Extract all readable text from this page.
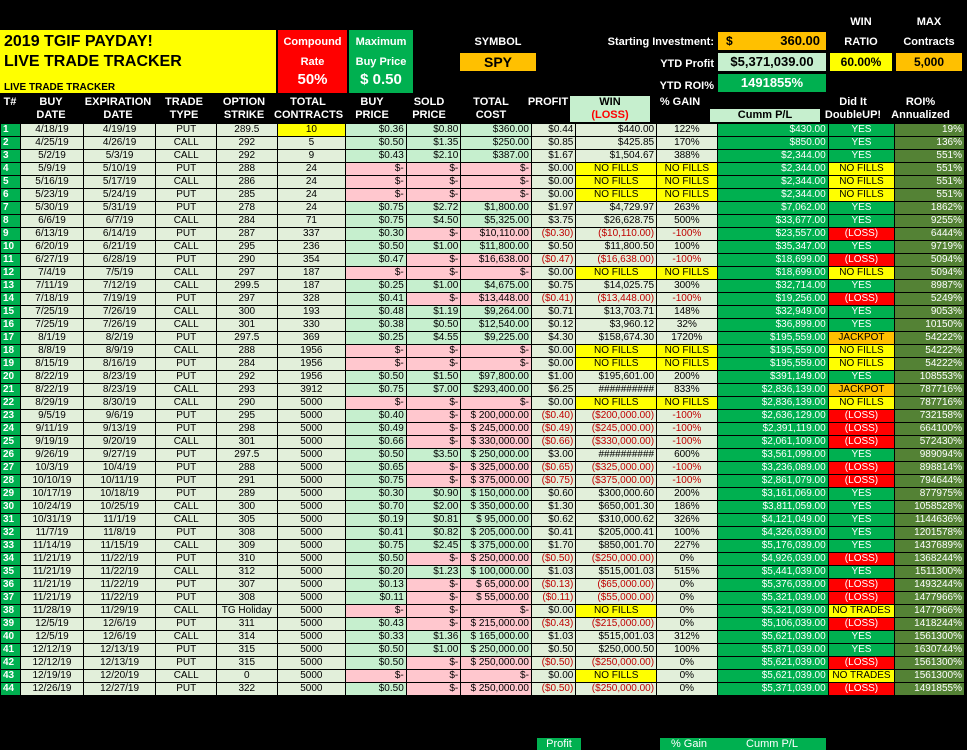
2019 TGIF PAYDAY!
LIVE TRADE TRACKER
LIVE TRADE TRACKER
Compound
Rate
50%
Maximum
Buy Price
$ 0.50
SYMBOL
SPY
Starting Investment: $	360.00
YTD Profit	$5,371,039.00
YTD ROI%	1491855%
WIN
RATIO
60.00%
MAX
Contracts
5,000
T#	BUY
DATE
EXPIRATION
DATE
TRADE
TYPE
OPTION
STRIKE
TOTAL
CONTRACTS
BUY
PRICE
SOLD
PRICE
TOTAL
COST
PROFIT	WIN
(LOSS)
% GAIN
Cumm P/L
Did It
DoubleUP!
ROI%
Annualized
1	4/18/19	4/19/19	PUT	289.5	10	$0.36	$0.80	$360.00	$0.44	$440.00	122%	$430.00	YES	19%
2	4/25/19	4/26/19	CALL	292	5	$0.50	$1.35	$250.00	$0.85	$425.85	170%	$850.00	YES	136%
3	5/2/19	5/3/19	CALL	292	9	$0.43	$2.10	$387.00	$1.67	$1,504.67	388%	$2,344.00	YES	551%
4	5/9/19	5/10/19	PUT	288	24	$-	$-	$-	$0.00	NO FILLS	NO FILLS	$2,344.00	NO FILLS	551%
5	5/16/19	5/17/19	CALL	286	24	$-	$-	$-	$0.00	NO FILLS	NO FILLS	$2,344.00	NO FILLS	551%
6	5/23/19	5/24/19	PUT	285	24	$-	$-	$-	$0.00	NO FILLS	NO FILLS	$2,344.00	NO FILLS	551%
7	5/30/19	5/31/19	PUT	278	24	$0.75	$2.72	$1,800.00	$1.97	$4,729.97	263%	$7,062.00	YES	1862%
8	6/6/19	6/7/19	CALL	284	71	$0.75	$4.50	$5,325.00	$3.75	$26,628.75	500%	$33,677.00	YES	9255%
9	6/13/19	6/14/19	PUT	287	337	$0.30	$-	$10,110.00	($0.30)	($10,110.00)	-100%	$23,557.00	(LOSS)	6444%
10	6/20/19	6/21/19	CALL	295	236	$0.50	$1.00	$11,800.00	$0.50	$11,800.50	100%	$35,347.00	YES	9719%
11	6/27/19	6/28/19	PUT	290	354	$0.47	$-	$16,638.00	($0.47)	($16,638.00)	-100%	$18,699.00	(LOSS)	5094%
12	7/4/19	7/5/19	CALL	297	187	$-	$-	$-	$0.00	NO FILLS	NO FILLS	$18,699.00	NO FILLS	5094%
13	7/11/19	7/12/19	CALL	299.5	187	$0.25	$1.00	$4,675.00	$0.75	$14,025.75	300%	$32,714.00	YES	8987%
14	7/18/19	7/19/19	PUT	297	328	$0.41	$-	$13,448.00	($0.41)	($13,448.00)	-100%	$19,256.00	(LOSS)	5249%
15	7/25/19	7/26/19	CALL	300	193	$0.48	$1.19	$9,264.00	$0.71	$13,703.71	148%	$32,949.00	YES	9053%
16	7/25/19	7/26/19	CALL	301	330	$0.38	$0.50	$12,540.00	$0.12	$3,960.12	32%	$36,899.00	YES	10150%
17	8/1/19	8/2/19	PUT	297.5	369	$0.25	$4.55	$9,225.00	$4.30	$158,674.30	1720%	$195,559.00	JACKPOT	54222%
18	8/8/19	8/9/19	CALL	288	1956	$-	$-	$-	$0.00	NO FILLS	NO FILLS	$195,559.00	NO FILLS	54222%
19	8/15/19	8/16/19	PUT	284	1956	$-	$-	$-	$0.00	NO FILLS	NO FILLS	$195,559.00	NO FILLS	54222%
20	8/22/19	8/23/19	PUT	292	1956	$0.50	$1.50	$97,800.00	$1.00	$195,601.00	200%	$391,149.00	YES	108553%
21	8/22/19	8/23/19	CALL	293	3912	$0.75	$7.00	$293,400.00	$6.25	##########	833%	$2,836,139.00	JACKPOT	787716%
22	8/29/19	8/30/19	CALL	290	5000	$-	$-	$-	$0.00	NO FILLS	NO FILLS	$2,836,139.00	NO FILLS	787716%
23	9/5/19	9/6/19	PUT	295	5000	$0.40	$-	$ 200,000.00	($0.40)	($200,000.00)	-100%	$2,636,129.00	(LOSS)	732158%
24	9/11/19	9/13/19	PUT	298	5000	$0.49	$-	$ 245,000.00	($0.49)	($245,000.00)	-100%	$2,391,119.00	(LOSS)	664100%
25	9/19/19	9/20/19	CALL	301	5000	$0.66	$-	$ 330,000.00	($0.66)	($330,000.00)	-100%	$2,061,109.00	(LOSS)	572430%
26	9/26/19	9/27/19	PUT	297.5	5000	$0.50	$3.50	$ 250,000.00	$3.00	##########	600%	$3,561,099.00	YES	989094%
27	10/3/19	10/4/19	PUT	288	5000	$0.65	$-	$ 325,000.00	($0.65)	($325,000.00)	-100%	$3,236,089.00	(LOSS)	898814%
28	10/10/19	10/11/19	PUT	291	5000	$0.75	$-	$ 375,000.00	($0.75)	($375,000.00)	-100%	$2,861,079.00	(LOSS)	794644%
29	10/17/19	10/18/19	PUT	289	5000	$0.30	$0.90	$ 150,000.00	$0.60	$300,000.60	200%	$3,161,069.00	YES	877975%
30	10/24/19	10/25/19	CALL	300	5000	$0.70	$2.00	$ 350,000.00	$1.30	$650,001.30	186%	$3,811,059.00	YES	1058528%
31	10/31/19	11/1/19	CALL	305	5000	$0.19	$0.81	$ 95,000.00	$0.62	$310,000.62	326%	$4,121,049.00	YES	1144636%
32	11/7/19	11/8/19	PUT	308	5000	$0.41	$0.82	$ 205,000.00	$0.41	$205,000.41	100%	$4,326,039.00	YES	1201578%
33	11/14/19	11/15/19	CALL	309	5000	$0.75	$2.45	$ 375,000.00	$1.70	$850,001.70	227%	$5,176,039.00	YES	1437689%
34	11/21/19	11/22/19	PUT	310	5000	$0.50	$-	$ 250,000.00	($0.50)	($250,000.00)	0%	$4,926,039.00	(LOSS)	1368244%
35	11/21/19	11/22/19	CALL	312	5000	$0.20	$1.23	$ 100,000.00	$1.03	$515,001.03	515%	$5,441,039.00	YES	1511300%
36	11/21/19	11/22/19	PUT	307	5000	$0.13	$-	$ 65,000.00	($0.13)	($65,000.00)	0%	$5,376,039.00	(LOSS)	1493244%
37	11/21/19	11/22/19	PUT	308	5000	$0.11	$-	$ 55,000.00	($0.11)	($55,000.00)	0%	$5,321,039.00	(LOSS)	1477966%
38	11/28/19	11/29/19	CALL	TG Holiday	5000	$-	$-	$-	$0.00	NO FILLS	0%	$5,321,039.00	NO TRADES	1477966%
39	12/5/19	12/6/19	PUT	311	5000	$0.43	$-	$ 215,000.00	($0.43)	($215,000.00)	0%	$5,106,039.00	(LOSS)	1418244%
40	12/5/19	12/6/19	CALL	314	5000	$0.33	$1.36	$ 165,000.00	$1.03	$515,001.03	312%	$5,621,039.00	YES	1561300%
41	12/12/19	12/13/19	PUT	315	5000	$0.50	$1.00	$ 250,000.00	$0.50	$250,000.50	100%	$5,871,039.00	YES	1630744%
42	12/12/19	12/13/19	PUT	315	5000	$0.50	$-	$ 250,000.00	($0.50)	($250,000.00)	0%	$5,621,039.00	(LOSS)	1561300%
43	12/19/19	12/20/19	CALL	0	5000	$-	$-	$-	$0.00	NO FILLS	0%	$5,621,039.00	NO TRADES	1561300%
44	12/26/19	12/27/19	PUT	322	5000	$0.50	$-	$ 250,000.00	($0.50)	($250,000.00)	0%	$5,371,039.00	(LOSS)	1491855%
Profit	% Gain	Cumm P/L
